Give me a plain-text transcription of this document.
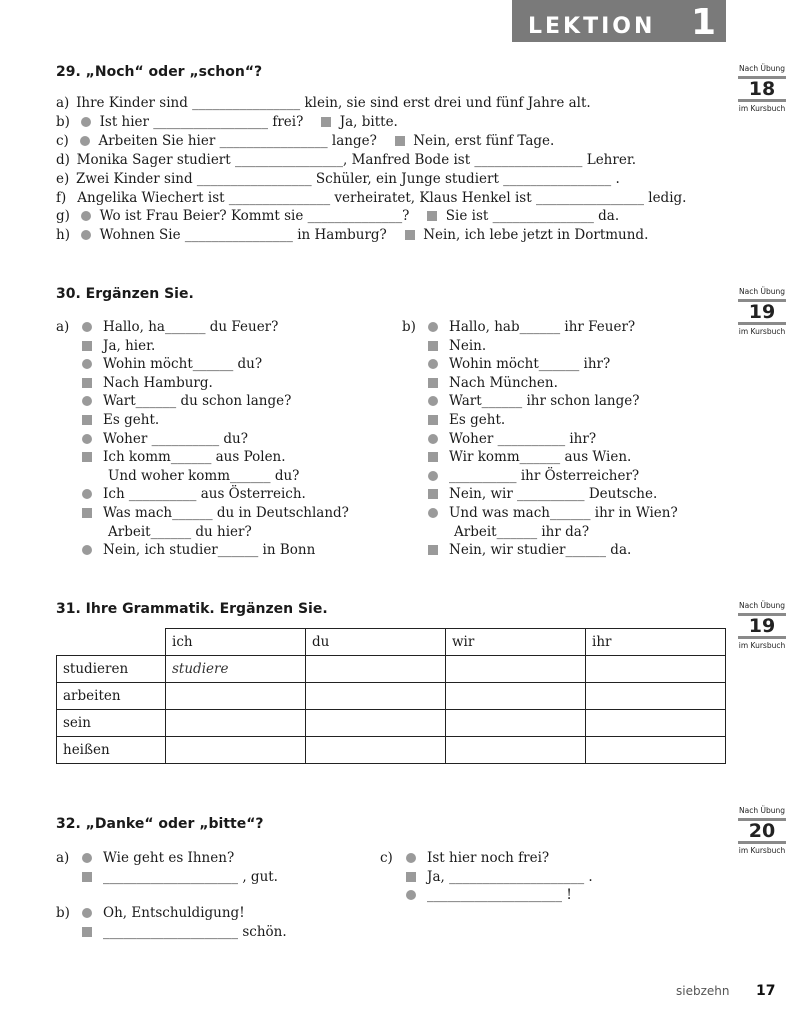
LEKTION 1
Nach Übung
18
im Kursbuch
Nach Übung
19
im Kursbuch
Nach Übung
19
im Kursbuch
Nach Übung
20
im Kursbuch
29. „Noch“ oder „schon“?
a) Ihre Kinder sind ________________ klein, sie sind erst drei und fünf Jahre alt.
b)  Ist hier _________________ frei? 	Ja, bitte.
c)  Arbeiten Sie hier ________________ lange? 	Nein, erst fünf Tage.
d) Monika Sager studiert ________________, Manfred Bode ist ________________ Lehrer.
e) Zwei Kinder sind _________________ Schüler, ein Junge studiert ________________ .
f)  Angelika Wiechert ist _______________ verheiratet, Klaus Henkel ist ________________ ledig.
g)  Wo ist Frau Beier? Kommt sie ______________? 	Sie ist _______________ da.
h)  Wohnen Sie ________________ in Hamburg? 	Nein, ich lebe jetzt in Dortmund.
30. Ergänzen Sie.
a)	b)
  Hallo, ha______ du Feuer?
  Ja, hier.
  Wohin möcht______ du?
  Nach Hamburg.
  Wart______ du schon lange?
  Es geht.
  Woher __________ du?
  Ich komm______ aus Polen.
Und woher komm______ du?
  Ich __________ aus Österreich.
  Was mach______ du in Deutschland?
Arbeit______ du hier?
  Nein, ich studier______ in Bonn
  Hallo, hab______ ihr Feuer?
  Nein.
  Wohin möcht______ ihr?
  Nach München.
  Wart______ ihr schon lange?
  Es geht.
  Woher __________ ihr?
  Wir komm______ aus Wien.
  __________ ihr Österreicher?
  Nein, wir __________ Deutsche.
  Und was mach______ ihr in Wien?
Arbeit______ ihr da?
  Nein, wir studier______ da.
31. Ihre Grammatik. Ergänzen Sie.
	ich	du	wir	ihr
studieren	studiere			
arbeiten				
sein				
heißen				
32. „Danke“ oder „bitte“?
a)
 	Wie geht es Ihnen?
  ____________________ , gut.
b)
 	Oh, Entschuldigung!
  ____________________ schön.
c)
 	Ist hier noch frei?
  Ja, ____________________ .
  ____________________ !
siebzehn 17
